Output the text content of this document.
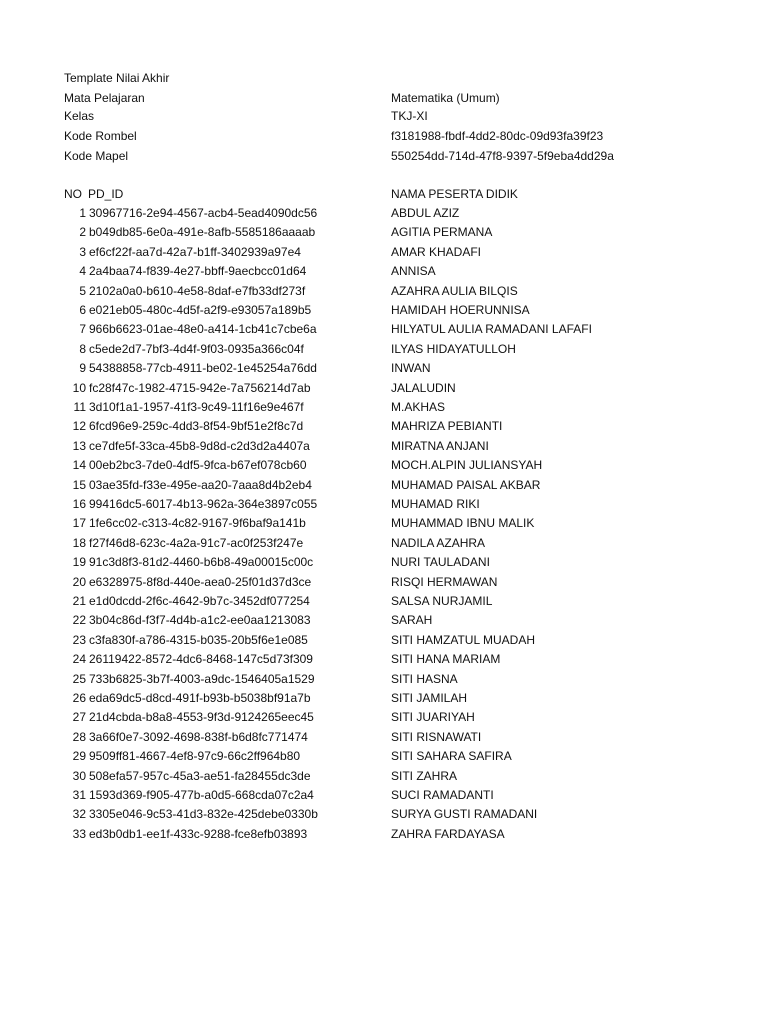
Template Nilai Akhir
Mata Pelajaran	Matematika (Umum)
Kelas	TKJ-XI
Kode Rombel	f3181988-fbdf-4dd2-80dc-09d93fa39f23
Kode Mapel	550254dd-714d-47f8-9397-5f9eba4dd29a
NO PD_ID	NAMA PESERTA DIDIK
1 30967716-2e94-4567-acb4-5ead4090dc56	ABDUL AZIZ
2 b049db85-6e0a-491e-8afb-5585186aaaab	AGITIA PERMANA
3 ef6cf22f-aa7d-42a7-b1ff-3402939a97e4	AMAR KHADAFI
4 2a4baa74-f839-4e27-bbff-9aecbcc01d64	ANNISA
5 2102a0a0-b610-4e58-8daf-e7fb33df273f	AZAHRA AULIA BILQIS
6 e021eb05-480c-4d5f-a2f9-e93057a189b5	HAMIDAH HOERUNNISA
7 966b6623-01ae-48e0-a414-1cb41c7cbe6a	HILYATUL AULIA RAMADANI LAFAFI
8 c5ede2d7-7bf3-4d4f-9f03-0935a366c04f	ILYAS HIDAYATULLOH
9 54388858-77cb-4911-be02-1e45254a76dd	INWAN
10 fc28f47c-1982-4715-942e-7a756214d7ab	JALALUDIN
11 3d10f1a1-1957-41f3-9c49-11f16e9e467f	M.AKHAS
12 6fcd96e9-259c-4dd3-8f54-9bf51e2f8c7d	MAHRIZA PEBIANTI
13 ce7dfe5f-33ca-45b8-9d8d-c2d3d2a4407a	MIRATNA ANJANI
14 00eb2bc3-7de0-4df5-9fca-b67ef078cb60	MOCH.ALPIN JULIANSYAH
15 03ae35fd-f33e-495e-aa20-7aaa8d4b2eb4	MUHAMAD PAISAL AKBAR
16 99416dc5-6017-4b13-962a-364e3897c055	MUHAMAD RIKI
17 1fe6cc02-c313-4c82-9167-9f6baf9a141b	MUHAMMAD IBNU MALIK
18 f27f46d8-623c-4a2a-91c7-ac0f253f247e	NADILA AZAHRA
19 91c3d8f3-81d2-4460-b6b8-49a00015c00c	NURI TAULADANI
20 e6328975-8f8d-440e-aea0-25f01d37d3ce	RISQI HERMAWAN
21 e1d0dcdd-2f6c-4642-9b7c-3452df077254	SALSA NURJAMIL
22 3b04c86d-f3f7-4d4b-a1c2-ee0aa1213083	SARAH
23 c3fa830f-a786-4315-b035-20b5f6e1e085	SITI HAMZATUL MUADAH
24 26119422-8572-4dc6-8468-147c5d73f309	SITI HANA MARIAM
25 733b6825-3b7f-4003-a9dc-1546405a1529	SITI HASNA
26 eda69dc5-d8cd-491f-b93b-b5038bf91a7b	SITI JAMILAH
27 21d4cbda-b8a8-4553-9f3d-9124265eec45	SITI JUARIYAH
28 3a66f0e7-3092-4698-838f-b6d8fc771474	SITI RISNAWATI
29 9509ff81-4667-4ef8-97c9-66c2ff964b80	SITI SAHARA SAFIRA
30 508efa57-957c-45a3-ae51-fa28455dc3de	SITI ZAHRA
31 1593d369-f905-477b-a0d5-668cda07c2a4	SUCI RAMADANTI
32 3305e046-9c53-41d3-832e-425debe0330b	SURYA GUSTI RAMADANI
33 ed3b0db1-ee1f-433c-9288-fce8efb03893	ZAHRA FARDAYASA
